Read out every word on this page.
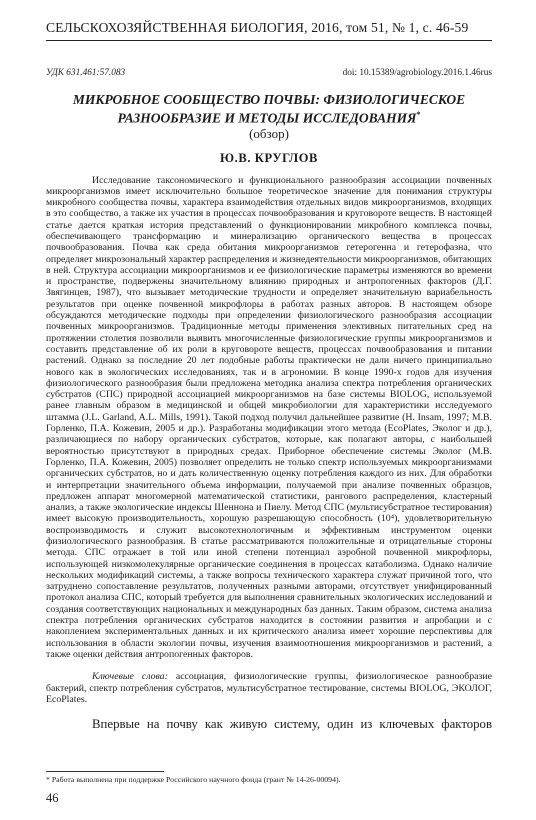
СЕЛЬСКОХОЗЯЙСТВЕННАЯ БИОЛОГИЯ, 2016, том 51, № 1, с. 46-59
УДК 631.461:57.083	doi: 10.15389/agrobiology.2016.1.46rus
МИКРОБНОЕ СООБЩЕСТВО ПОЧВЫ: ФИЗИОЛОГИЧЕСКОЕ РАЗНООБРАЗИЕ И МЕТОДЫ ИССЛЕДОВАНИЯ*
(обзор)
Ю.В. КРУГЛОВ

Исследование таксономического и функционального разнообразия ассоциации почвенных микроорганизмов имеет исключительно большое теоретическое значение для понимания структуры микробного сообщества почвы, характера взаимодействия отдельных видов микроорганизмов, входящих в это сообщество, а также их участия в процессах почвообразования и круговороте веществ. В настоящей статье дается краткая история представлений о функционировании микробного комплекса почвы, обеспечивающего трансформацию и минерализацию органического вещества в процессах почвообразования. Почва как среда обитания микроорганизмов гетерогенна и гетерофазна, что определяет микрозональный характер распределения и жизнедеятельности микроорганизмов, обитающих в ней. Структура ассоциации микроорганизмов и ее физиологические параметры изменяются во времени и пространстве, подвержены значительному влиянию природных и антропогенных факторов (Д.Г. Звягинцев, 1987), что вызывает методические трудности и определяет значительную вариабельность результатов при оценке почвенной микрофлоры в работах разных авторов. В настоящем обзоре обсуждаются методические подходы при определении физиологического разнообразия ассоциации почвенных микроорганизмов. Традиционные методы применения элективных питательных сред на протяжении столетия позволили выявить многочисленные физиологические группы микроорганизмов и составить представление об их роли в круговороте веществ, процессах почвообразования и питании растений. Однако за последние 20 лет подобные работы практически не дали ничего принципиально нового как в экологических исследованиях, так и в агрономии. В конце 1990-х годов для изучения физиологического разнообразия были предложена методика анализа спектра потребления органических субстратов (СПС) природной ассоциацией микроорганизмов на базе системы BIOLOG, используемой ранее главным образом в медицинской и общей микробиологии для характеристики исследуемого штамма (J.L. Garland, A.L. Mills, 1991). Такой подход получил дальнейшее развитие (H. Insam, 1997; М.В. Горленко, П.А. Кожевин, 2005 и др.). Разработаны модификации этого метода (EcoPlates, Эколог и др.), различающиеся по набору органических субстратов, которые, как полагают авторы, с наибольшей вероятностью присутствуют в природных средах. Приборное обеспечение системы Эколог (М.В. Горленко, П.А. Кожевин, 2005) позволяет определить не только спектр используемых микроорганизмами органических субстратов, но и дать количественную оценку потребления каждого из них. Для обработки и интерпретации значительного объема информации, получаемой при анализе почвенных образцов, предложен аппарат многомерной математической статистики, рангового распределения, кластерный анализ, а также экологические индексы Шеннона и Пиелу. Метод СПС (мультисубстратное тестирования) имеет высокую производительность, хорошую разрешающую способность (10⁴), удовлетворительную воспроизводимость и служит высокотехнологичным и эффективным инструментом оценки физиологического разнообразия. В статье рассматриваются положительные и отрицательные стороны метода. СПС отражает в той или иной степени потенциал аэробной почвенной микрофлоры, использующей низкомолекулярные органические соединения в процессах катаболизма. Однако наличие нескольких модификаций системы, а также вопросы технического характера служат причиной того, что затруднено сопоставление результатов, полученных разными авторами, отсутствует унифицированный протокол анализа СПС, который требуется для выполнения сравнительных экологических исследований и создания соответствующих национальных и международных баз данных. Таким образом, система анализа спектра потребления органических субстратов находится в состоянии развития и апробации и с накоплением экспериментальных данных и их критического анализа имеет хорошие перспективы для использования в области экологии почвы, изучения взаимоотношения микроорганизмов и растений, а также оценки действия антропогенных факторов.

Ключевые слова: ассоциация, физиологические группы, физиологическое разнообразие бактерий, спектр потребления субстратов, мультисубстратное тестирование, системы BIOLOG, ЭКОЛОГ, EcoPlates.
Впервые на почву как живую систему, один из ключевых факторов
* Работа выполнена при поддержке Российского научного фонда (грант № 14-26-00094).
46
